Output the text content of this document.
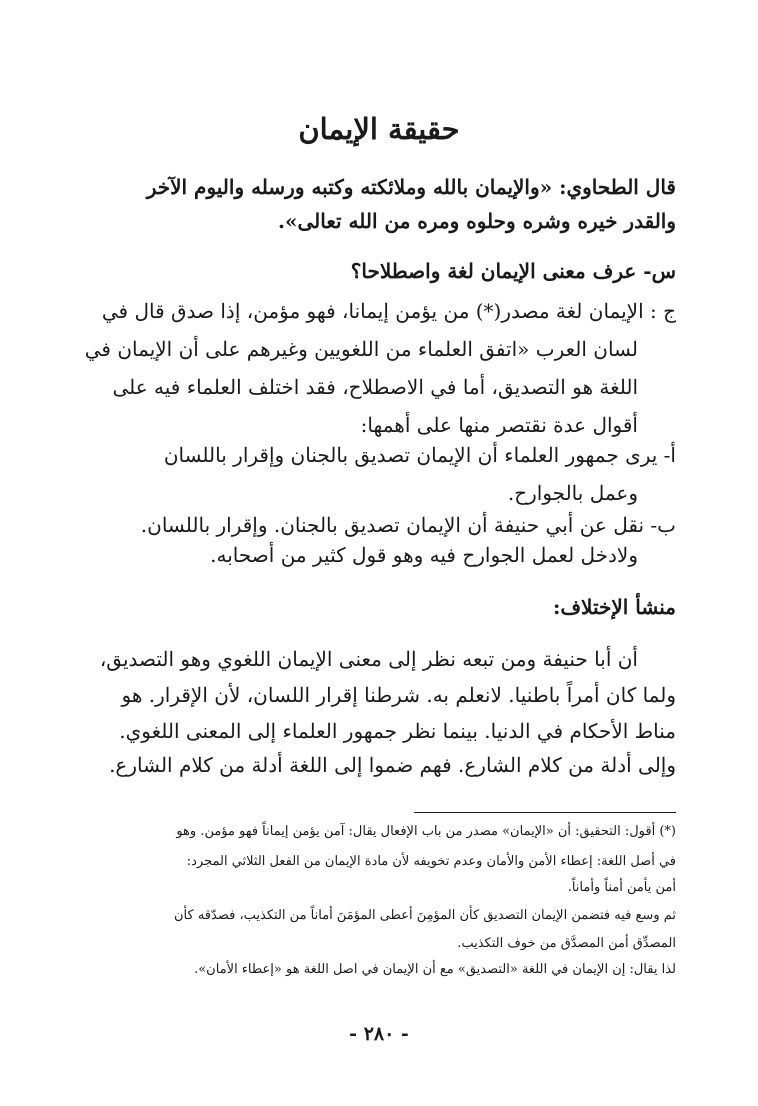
حقيقة الإيمان
قال الطحاوي: «والإيمان بالله وملائكته وكتبه ورسله واليوم الآخر
والقدر خيره وشره وحلوه ومره من الله تعالى».
س- عرف معنى الإيمان لغة واصطلاحا؟
ج : الإيمان لغة مصدر(*) من يؤمن إيمانا، فهو مؤمن، إذا صدق قال في
لسان العرب «اتفق العلماء من اللغويين وغيرهم على أن الإيمان في
اللغة هو التصديق، أما في الاصطلاح، فقد اختلف العلماء فيه على
أقوال عدة نقتصر منها على أهمها:
أ- يرى جمهور العلماء أن الإيمان تصديق بالجنان وإقرار باللسان
وعمل بالجوارح.
ب- نقل عن أبي حنيفة أن الإيمان تصديق بالجنان. وإقرار باللسان.
ولادخل لعمل الجوارح فيه وهو قول كثير من أصحابه.
منشأ الإختلاف:
أن أبا حنيفة ومن تبعه نظر إلى معنى الإيمان اللغوي وهو التصديق،
ولما كان أمراً باطنيا. لانعلم به. شرطنا إقرار اللسان، لأن الإقرار. هو
مناط الأحكام في الدنيا. بينما نظر جمهور العلماء إلى المعنى اللغوي.
وإلى أدلة من كلام الشارع. فهم ضموا إلى اللغة أدلة من كلام الشارع.
(*) أقول: التحقيق: أن «الإيمان» مصدر من باب الإفعال يقال: آمن يؤمن إيماناً فهو مؤمن. وهو
في أصل اللغة: إعطاء الأمن والأمان وعدم تخويفه لأن مادة الإيمان من الفعل الثلاثي المجرد:
أمن يأمن أمناً وأماناً.
ثم وسع فيه فتضمن الإيمان التصديق كأن المؤمِنَ أعطى المؤمَنَ أماناً من التكذيب، فصدّقه كأن
المصدِّق أمن المصدَّق من خوف التكذيب.
لذا يقال: إن الإيمان في اللغة «التصديق» مع أن الإيمان في اصل اللغة هو «إعطاء الأمان».
- ٢٨٠ -
